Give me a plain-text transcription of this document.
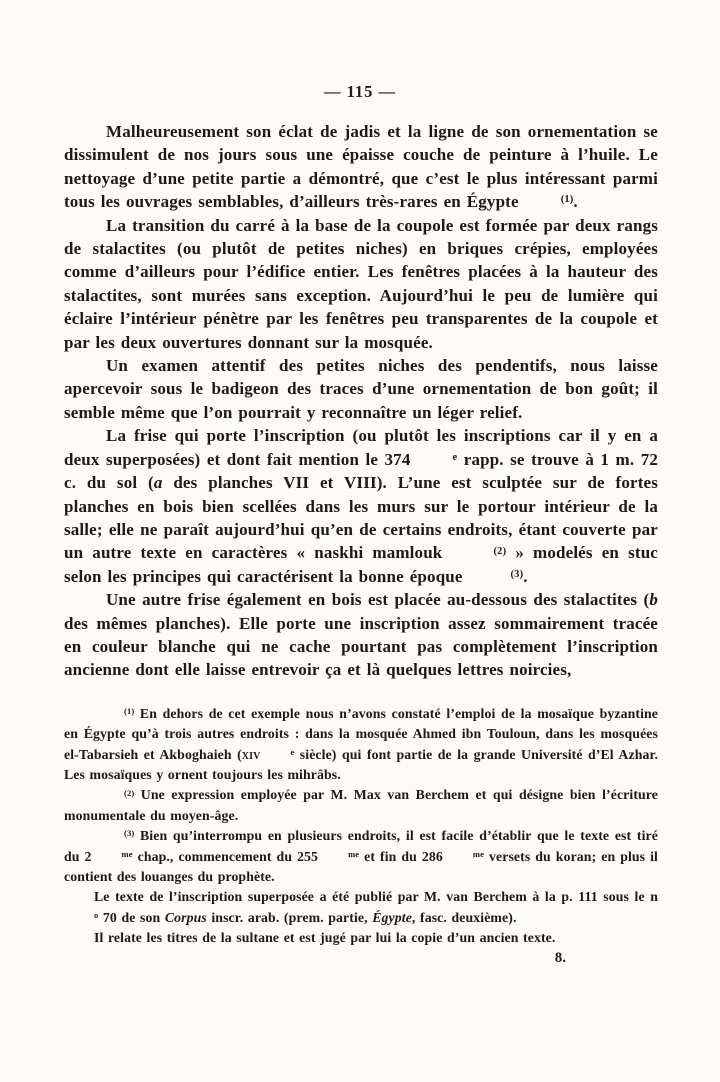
— 115 —

Malheureusement son éclat de jadis et la ligne de son ornementation se dissimulent de nos jours sous une épaisse couche de peinture à l’huile. Le nettoyage d’une petite partie a démontré, que c’est le plus intéressant parmi tous les ouvrages semblables, d’ailleurs très-rares en Égypte	(1).

La transition du carré à la base de la coupole est formée par deux rangs de stalactites (ou plutôt de petites niches) en briques crépies, employées comme d’ailleurs pour l’édifice entier. Les fenêtres placées à la hauteur des stalactites, sont murées sans exception. Aujourd’hui le peu de lumière qui éclaire l’intérieur pénètre par les fenêtres peu transparentes de la coupole et par les deux ouvertures donnant sur la mosquée.

Un examen attentif des petites niches des pendentifs, nous laisse apercevoir sous le badigeon des traces d’une ornementation de bon goût; il semble même que l’on pourrait y reconnaître un léger relief.

La frise qui porte l’inscription (ou plutôt les inscriptions car il y en a deux superposées) et dont fait mention le 374	e rapp. se trouve à 1 m. 72 c. du sol (a des planches VII et VIII). L’une est sculptée sur de fortes planches en bois bien scellées dans les murs sur le portour intérieur de la salle; elle ne paraît aujourd’hui qu’en de certains endroits, étant couverte par un autre texte en caractères « naskhi mamlouk	(2) » modelés en stuc selon les principes qui caractérisent la bonne époque	(3).

Une autre frise également en bois est placée au-dessous des stalactites (b des mêmes planches). Elle porte une inscription assez sommairement tracée en couleur blanche qui ne cache pourtant pas complètement l’inscription ancienne dont elle laisse entrevoir ça et là quelques lettres noircies,

(1) En dehors de cet exemple nous n’avons constaté l’emploi de la mosaïque byzantine en Égypte qu’à trois autres endroits : dans la mosquée Ahmed ibn Touloun, dans les mosquées el-Tabarsieh et Akboghaieh (xiv	e siècle) qui font partie de la grande Université d’El Azhar. Les mosaïques y ornent toujours les mihrâbs.

(2) Une expression employée par M. Max van Berchem et qui désigne bien l’écriture monumentale du moyen-âge.

(3) Bien qu’interrompu en plusieurs endroits, il est facile d’établir que le texte est tiré du 2	me chap., commencement du 255	me et fin du 286	me versets du koran; en plus il contient des louanges du prophète.

Le texte de l’inscription superposée a été publié par M. van Berchem à la p. 111 sous le no 70 de son Corpus inscr. arab. (prem. partie, Égypte, fasc. deuxième).

Il relate les titres de la sultane et est jugé par lui la copie d’un ancien texte.

8.
